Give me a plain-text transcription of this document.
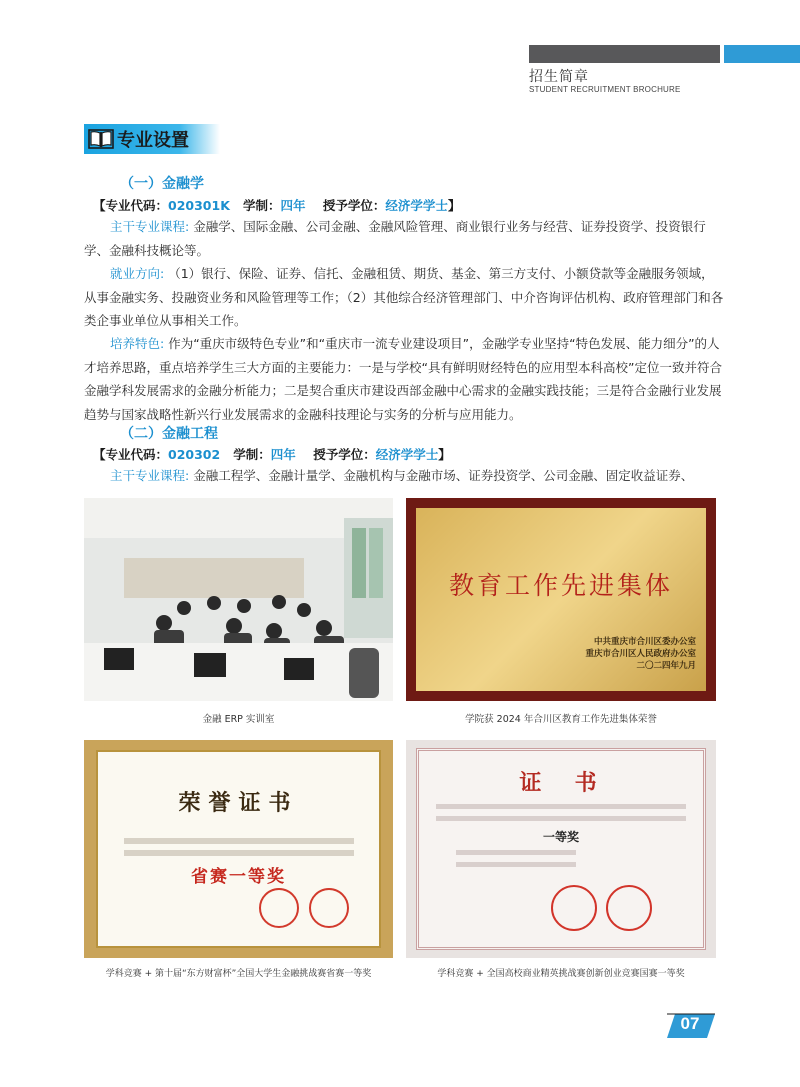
招生简章
STUDENT RECRUITMENT BROCHURE
专业设置
（一）金融学
【专业代码：020301K 学制：四年 授予学位：经济学学士】
主干专业课程: 金融学、国际金融、公司金融、金融风险管理、商业银行业务与经营、证券投资学、投资银行学、金融科技概论等。
就业方向: （1）银行、保险、证券、信托、金融租赁、期货、基金、第三方支付、小额贷款等金融服务领域，从事金融实务、投融资业务和风险管理等工作；（2）其他综合经济管理部门、中介咨询评估机构、政府管理部门和各类企事业单位从事相关工作。
培养特色: 作为“重庆市级特色专业”和“重庆市一流专业建设项目”，金融学专业坚持“特色发展、能力细分”的人才培养思路，重点培养学生三大方面的主要能力：一是与学校“具有鲜明财经特色的应用型本科高校”定位一致并符合金融学科发展需求的金融分析能力；二是契合重庆市建设西部金融中心需求的金融实践技能；三是符合金融行业发展趋势与国家战略性新兴行业发展需求的金融科技理论与实务的分析与应用能力。
（二）金融工程
【专业代码：020302 学制：四年 授予学位：经济学学士】
主干专业课程: 金融工程学、金融计量学、金融机构与金融市场、证券投资学、公司金融、固定收益证券、
金融 ERP 实训室
教育工作先进集体
中共重庆市合川区委办公室
重庆市合川区人民政府办公室
二〇二四年九月
学院获 2024 年合川区教育工作先进集体荣誉
荣誉证书
省赛一等奖
学科竞赛 + 第十届“东方财富杯”全国大学生金融挑战赛省赛一等奖
证  书
一等奖
学科竞赛 + 全国高校商业精英挑战赛创新创业竞赛国赛一等奖
07
